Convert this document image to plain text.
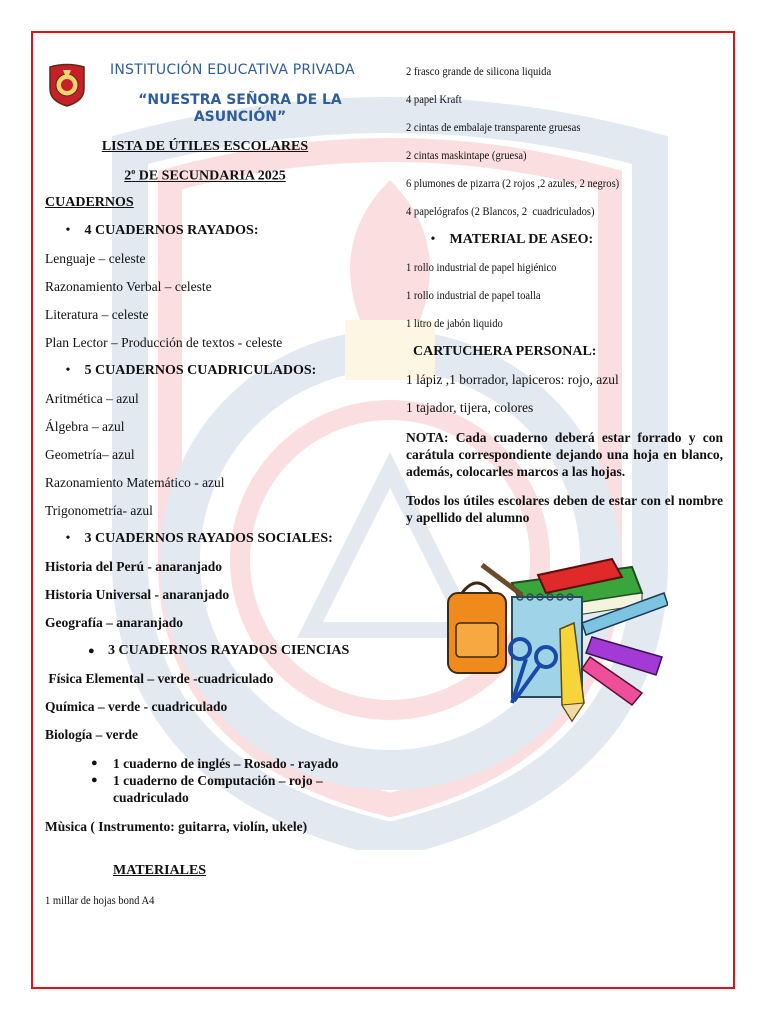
INSTITUCIÓN EDUCATIVA PRIVADA
“NUESTRA SEÑORA DE LA ASUNCIÓN”
LISTA DE ÚTILES ESCOLARES
2$^o$ DE SECUNDARIA 2025
CUADERNOS
• 4 CUADERNOS RAYADOS:
Lenguaje – celeste
Razonamiento Verbal – celeste
Literatura – celeste
Plan Lector – Producción de textos - celeste
• 5 CUADERNOS CUADRICULADOS:
Aritmética – azul
Álgebra – azul
Geometría– azul
Razonamiento Matemático - azul
Trigonometría- azul
• 3 CUADERNOS RAYADOS SOCIALES:
Historia del Perú - anaranjado
Historia Universal - anaranjado
Geografía – anaranjado
● 3 CUADERNOS RAYADOS CIENCIAS
Física Elemental – verde -cuadriculado
Química – verde - cuadriculado
Biología – verde
● 1 cuaderno de inglés – Rosado - rayado
● 1 cuaderno de Computación – rojo – cuadriculado
Mùsica ( Instrumento: guitarra, violín, ukele)
MATERIALES
1 millar de hojas bond A4
2 frasco grande de silicona liquida
4 papel Kraft
2 cintas de embalaje transparente gruesas
2 cintas maskintape (gruesa)
6 plumones de pizarra (2 rojos ,2 azules, 2 negros)
4 papelógrafos (2 Blancos, 2  cuadriculados)
• MATERIAL DE ASEO:
1 rollo industrial de papel higiénico
1 rollo industrial de papel toalla
1 litro de jabón liquido
CARTUCHERA PERSONAL:
1 lápiz ,1 borrador, lapiceros: rojo, azul
1 tajador, tijera, colores
NOTA: Cada cuaderno deberá estar forrado y con carátula correspondiente dejando una hoja en blanco, además, colocarles marcos a las hojas.
Todos los útiles escolares deben de estar con el nombre y apellido del alumno
